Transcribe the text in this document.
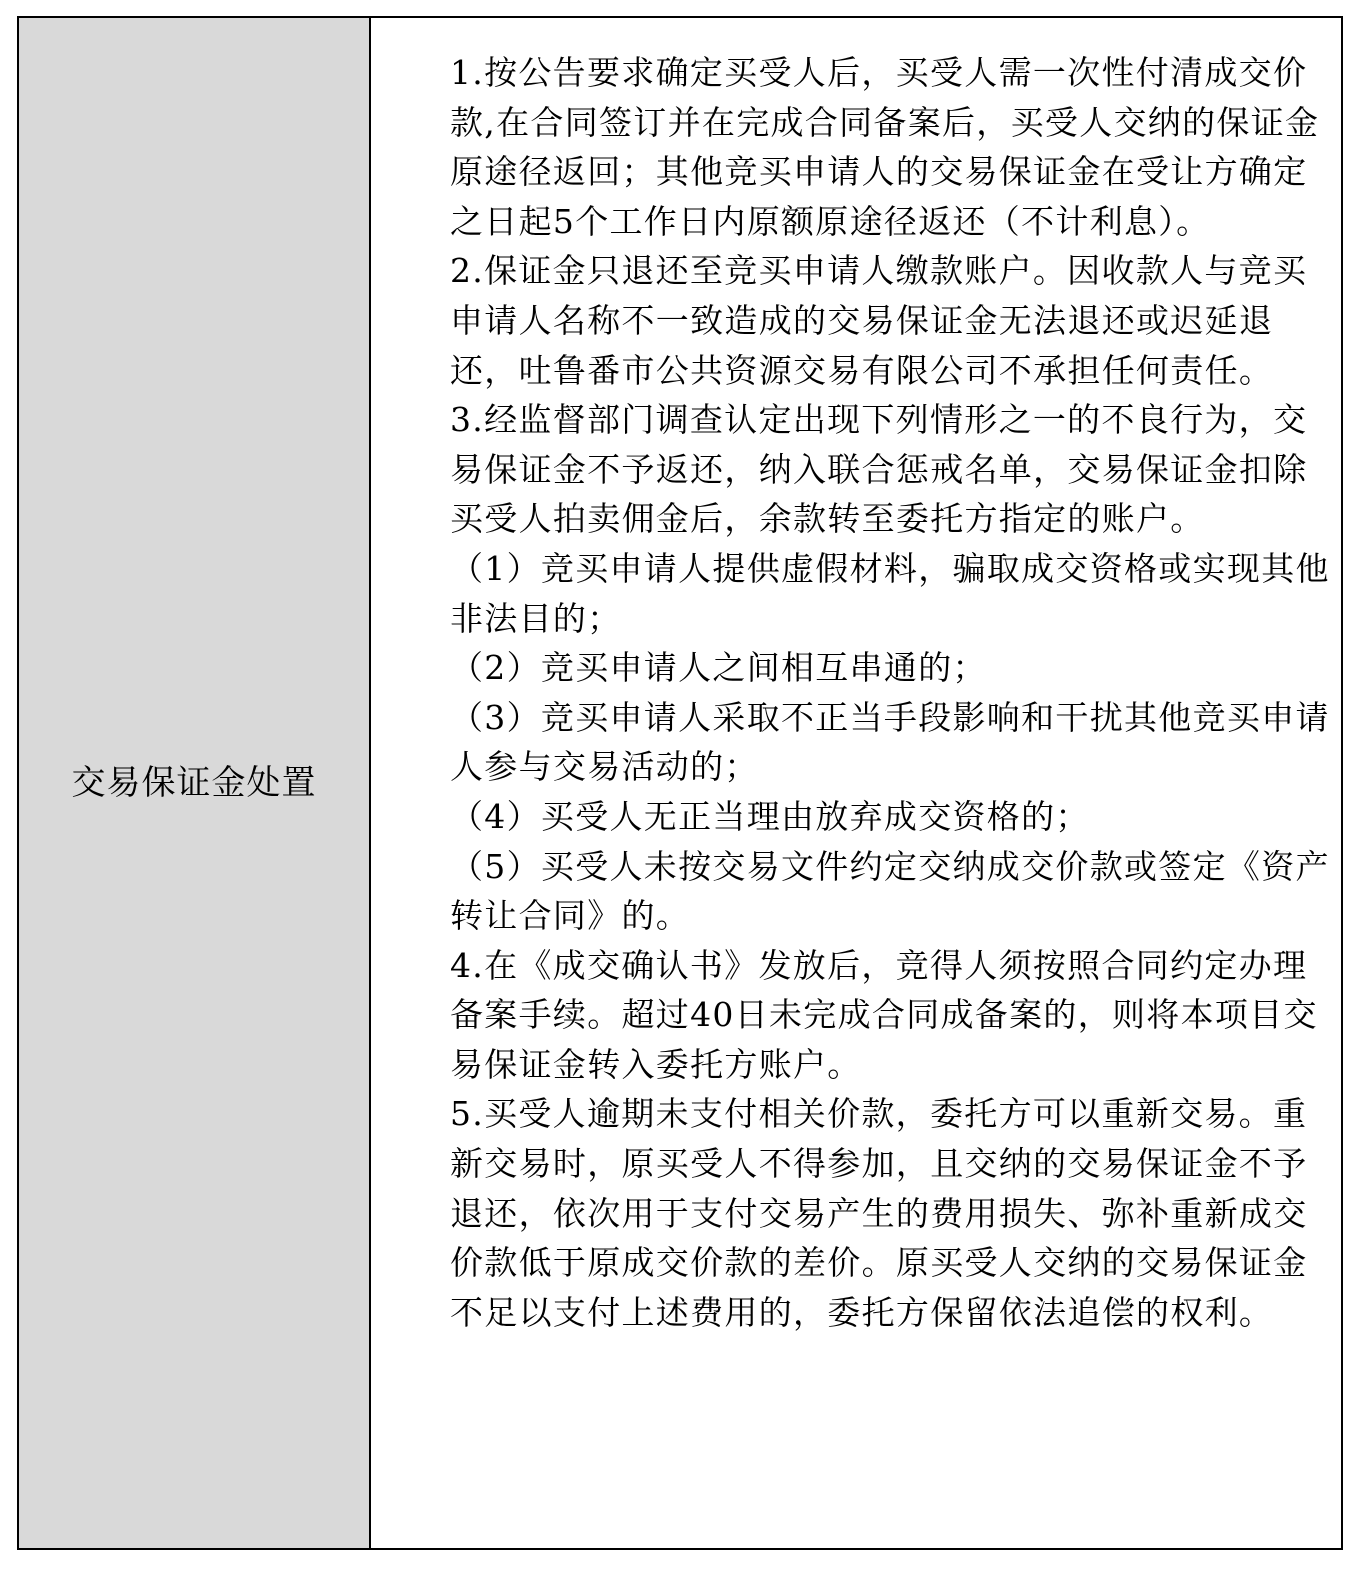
交易保证金处置

1.按公告要求确定买受人后，买受人需一次性付清成交价款,在合同签订并在完成合同备案后，买受人交纳的保证金原途径返回；其他竞买申请人的交易保证金在受让方确定之日起5个工作日内原额原途径返还（不计利息）。

2.保证金只退还至竞买申请人缴款账户。因收款人与竞买申请人名称不一致造成的交易保证金无法退还或迟延退还，吐鲁番市公共资源交易有限公司不承担任何责任。

3.经监督部门调查认定出现下列情形之一的不良行为，交易保证金不予返还，纳入联合惩戒名单，交易保证金扣除买受人拍卖佣金后，余款转至委托方指定的账户。

（1）竞买申请人提供虚假材料，骗取成交资格或实现其他非法目的；

（2）竞买申请人之间相互串通的；

（3）竞买申请人采取不正当手段影响和干扰其他竞买申请人参与交易活动的；

（4）买受人无正当理由放弃成交资格的；

（5）买受人未按交易文件约定交纳成交价款或签定《资产转让合同》的。

4.在《成交确认书》发放后，竞得人须按照合同约定办理备案手续。超过40日未完成合同成备案的，则将本项目交易保证金转入委托方账户。

5.买受人逾期未支付相关价款，委托方可以重新交易。重新交易时，原买受人不得参加，且交纳的交易保证金不予退还，依次用于支付交易产生的费用损失、弥补重新成交价款低于原成交价款的差价。原买受人交纳的交易保证金不足以支付上述费用的，委托方保留依法追偿的权利。
